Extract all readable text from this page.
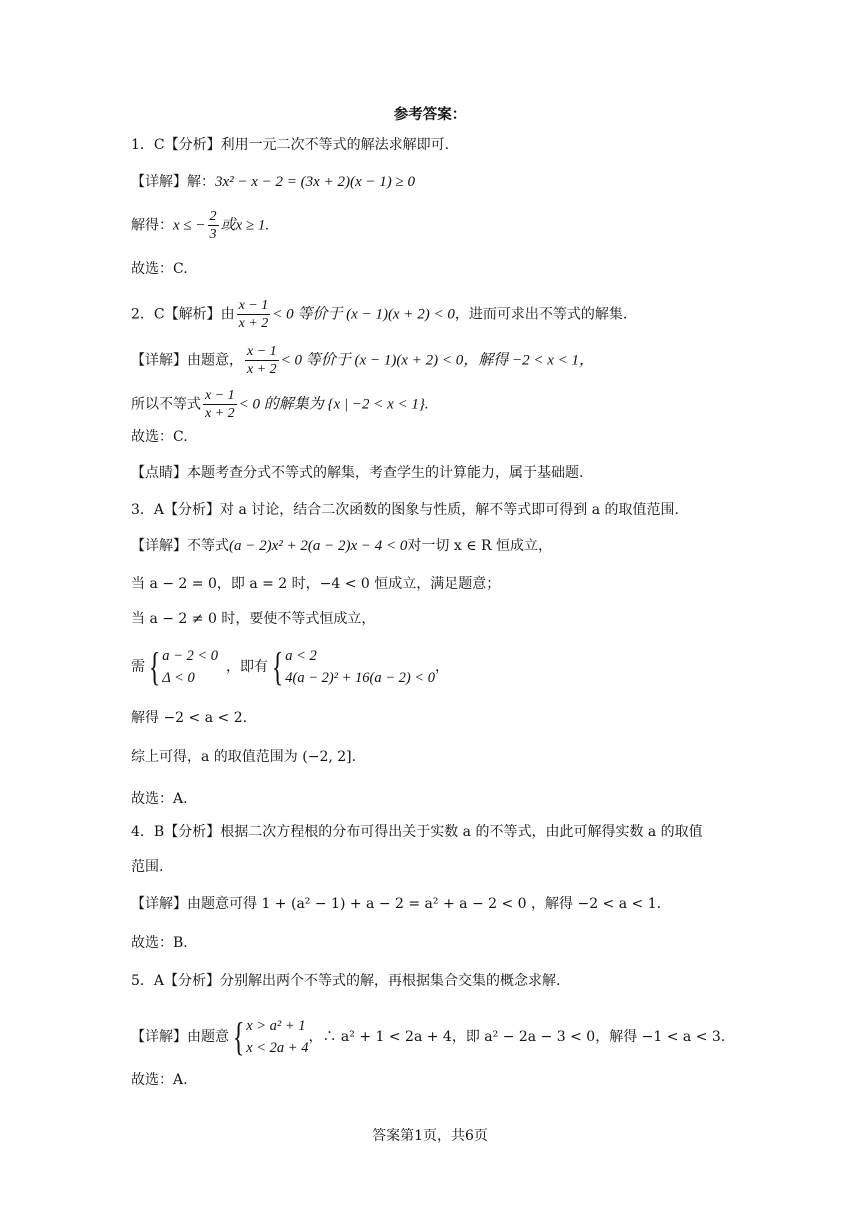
参考答案：
1．C【分析】利用一元二次不等式的解法求解即可．
【详解】解：3x² − x − 2 = (3x + 2)(x − 1) ≥ 0
解得：x ≤ − $\frac{2}{3}$ 或x ≥ 1.
故选：C.
2．C【解析】由 $\frac{x - 1}{x + 2} < 0$ 等价于 (x − 1)(x + 2) < 0，进而可求出不等式的解集.
【详解】由题意， $\frac{x - 1}{x + 2} < 0$ 等价于 (x − 1)(x + 2) < 0，解得 −2 < x < 1，
所以不等式 $\frac{x - 1}{x + 2} < 0$ 的解集为 {x | −2 < x < 1}.
故选：C.
【点睛】本题考查分式不等式的解集，考查学生的计算能力，属于基础题.
3．A【分析】对 a 讨论，结合二次函数的图象与性质，解不等式即可得到 a 的取值范围.
【详解】不等式(a − 2)x² + 2(a − 2)x − 4 < 0对一切 x ∈ R 恒成立，
当 a − 2 = 0，即 a = 2 时，−4 < 0 恒成立，满足题意；
当 a − 2 ≠ 0 时，要使不等式恒成立，
需 { a − 2 < 0
Δ < 0
，即有 { a < 2
4(a − 2)² + 16(a − 2) < 0
，
解得 −2 < a < 2.
综上可得，a 的取值范围为 (−2, 2].
故选：A.
4．B【分析】根据二次方程根的分布可得出关于实数 a 的不等式，由此可解得实数 a 的取值
范围.
【详解】由题意可得 1 + (a² − 1) + a − 2 = a² + a − 2 < 0 ，解得 −2 < a < 1.
故选：B.
5．A【分析】分别解出两个不等式的解，再根据集合交集的概念求解.
【详解】由题意 { x > a² + 1
x < 2a + 4
，∴ a² + 1 < 2a + 4，即 a² − 2a − 3 < 0，解得 −1 < a < 3.
故选：A.
答案第1页，共6页
